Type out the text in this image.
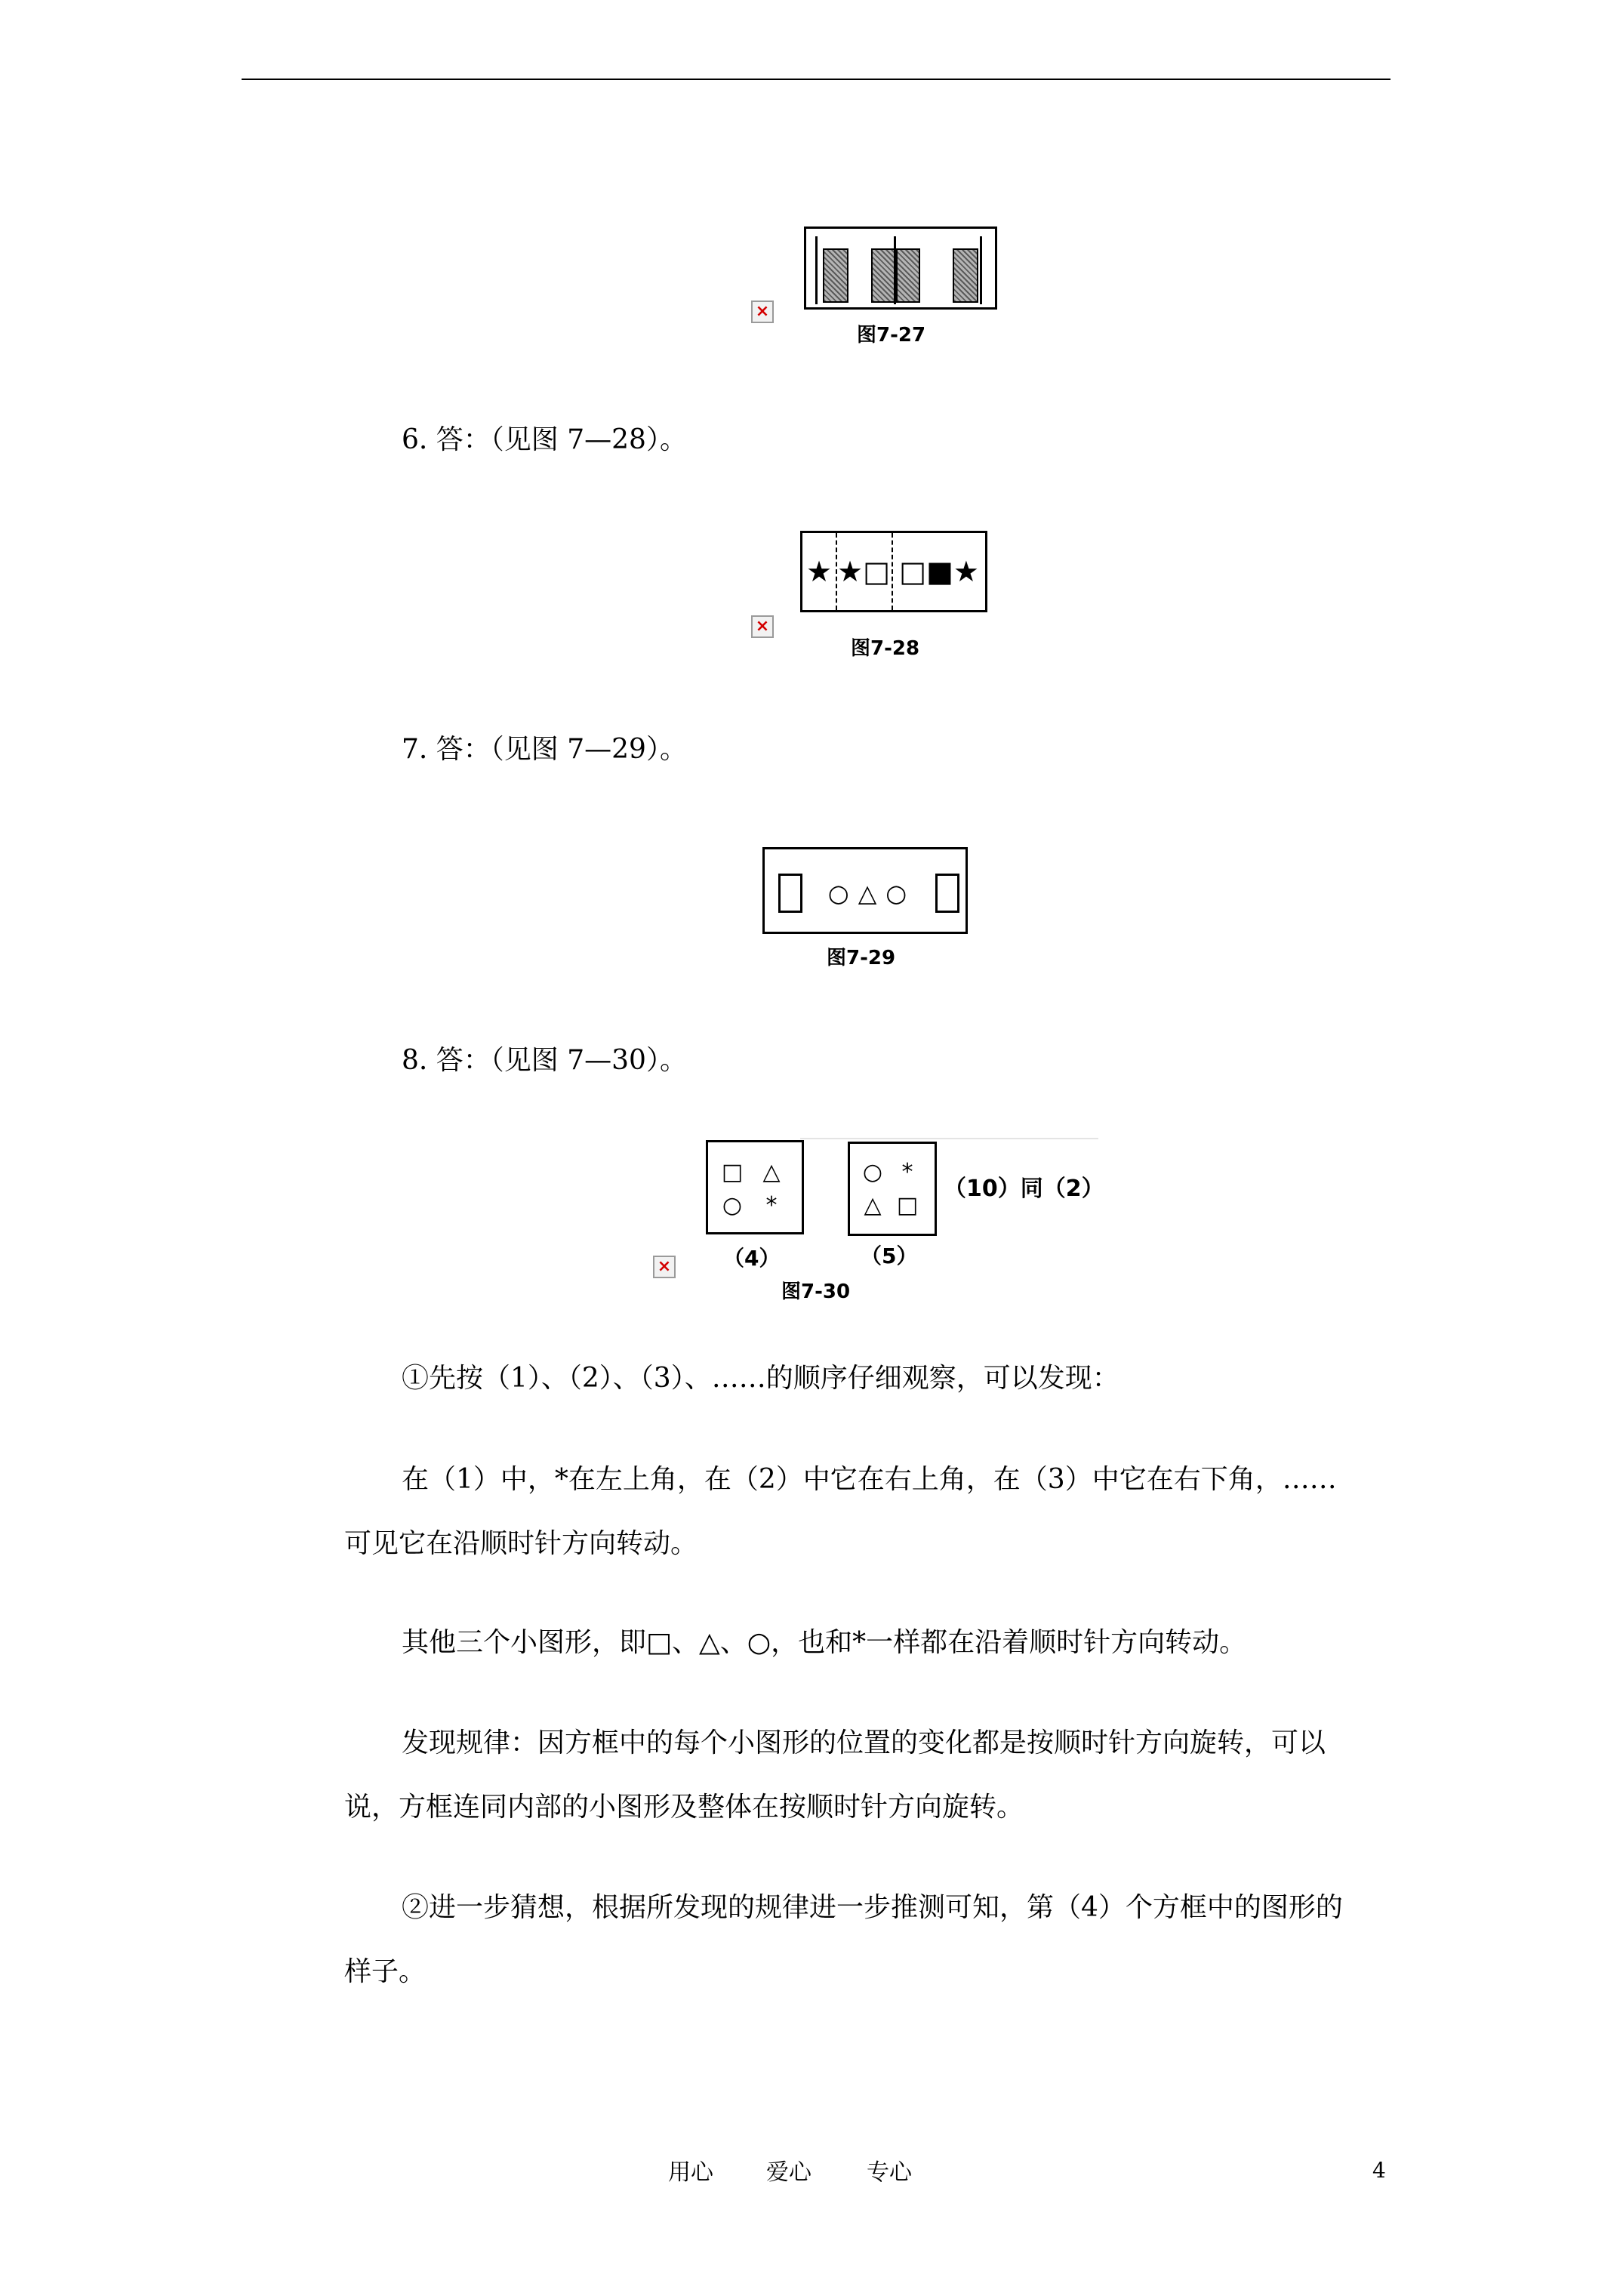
×
图7-27
6. 答：（见图 7—28）。
×
★ ★□ □■★
图7-28
7. 答：（见图 7—29）。
○△○
图7-29
8. 答：（见图 7—30）。
×
□ △
○	*
○ *
△ □
（10）同（2）
（4）	（5）
图7-30
①先按（1）、（2）、（3）、……的顺序仔细观察，可以发现：
在（1）中，*在左上角，在（2）中它在右上角，在（3）中它在右下角，……
可见它在沿顺时针方向转动。
其他三个小图形，即□、△、○，也和*一样都在沿着顺时针方向转动。
发现规律：因方框中的每个小图形的位置的变化都是按顺时针方向旋转，可以
说，方框连同内部的小图形及整体在按顺时针方向旋转。
②进一步猜想，根据所发现的规律进一步推测可知，第（4）个方框中的图形的
样子。
用心 爱心 专心	4
